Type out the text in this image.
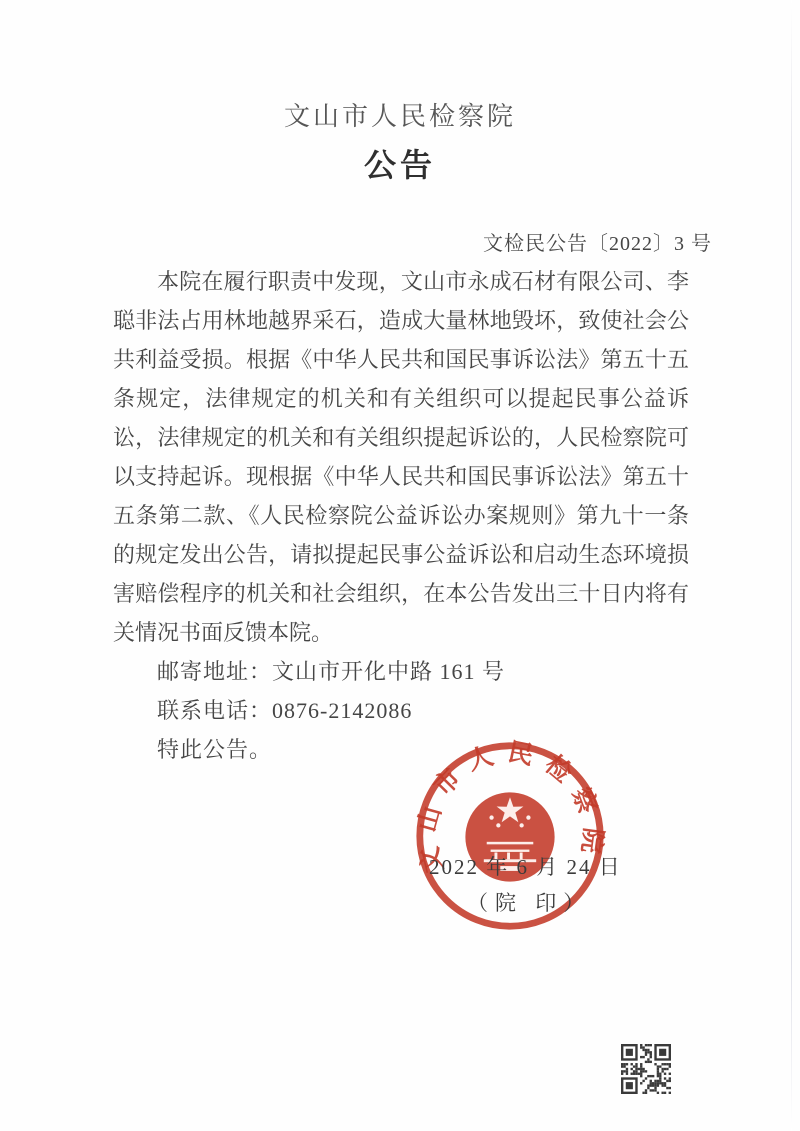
文山市人民检察院
公告
文检民公告〔2022〕3 号
本院在履行职责中发现，文山市永成石材有限公司、李
聪非法占用林地越界采石，造成大量林地毁坏，致使社会公
共利益受损。根据《中华人民共和国民事诉讼法》第五十五
条规定，法律规定的机关和有关组织可以提起民事公益诉
讼，法律规定的机关和有关组织提起诉讼的，人民检察院可
以支持起诉。现根据《中华人民共和国民事诉讼法》第五十
五条第二款、《人民检察院公益诉讼办案规则》第九十一条
的规定发出公告，请拟提起民事公益诉讼和启动生态环境损
害赔偿程序的机关和社会组织，在本公告发出三十日内将有
关情况书面反馈本院。
邮寄地址：文山市开化中路 161 号
联系电话：0876-2142086
特此公告。
文山市人民检察院
2022 年 6 月 24 日
（院 印）
